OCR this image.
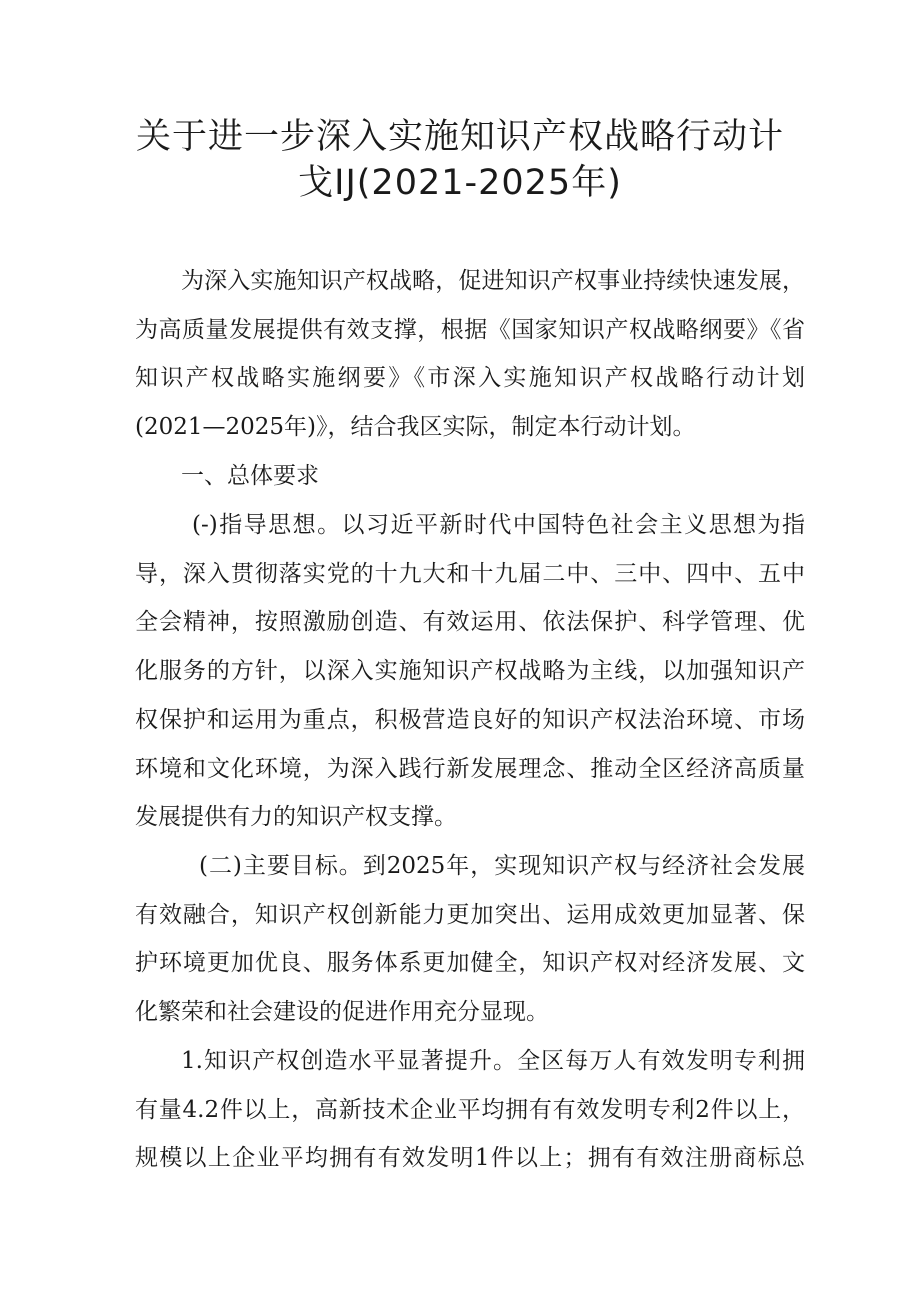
关于进一步深入实施知识产权战略行动计
戈IJ(2021-2025年)
为深入实施知识产权战略，促进知识产权事业持续快速发展，
为高质量发展提供有效支撑，根据《国家知识产权战略纲要》《省
知识产权战略实施纲要》《市深入实施知识产权战略行动计划
(2021—2025年)》，结合我区实际，制定本行动计划。
一、总体要求
(-)指导思想。以习近平新时代中国特色社会主义思想为指
导，深入贯彻落实党的十九大和十九届二中、三中、四中、五中
全会精神，按照激励创造、有效运用、依法保护、科学管理、优
化服务的方针，以深入实施知识产权战略为主线，以加强知识产
权保护和运用为重点，积极营造良好的知识产权法治环境、市场
环境和文化环境，为深入践行新发展理念、推动全区经济高质量
发展提供有力的知识产权支撑。
(二)主要目标。到2025年，实现知识产权与经济社会发展
有效融合，知识产权创新能力更加突出、运用成效更加显著、保
护环境更加优良、服务体系更加健全，知识产权对经济发展、文
化繁荣和社会建设的促进作用充分显现。
1.知识产权创造水平显著提升。全区每万人有效发明专利拥
有量4.2件以上，高新技术企业平均拥有有效发明专利2件以上，
规模以上企业平均拥有有效发明1件以上；拥有有效注册商标总
